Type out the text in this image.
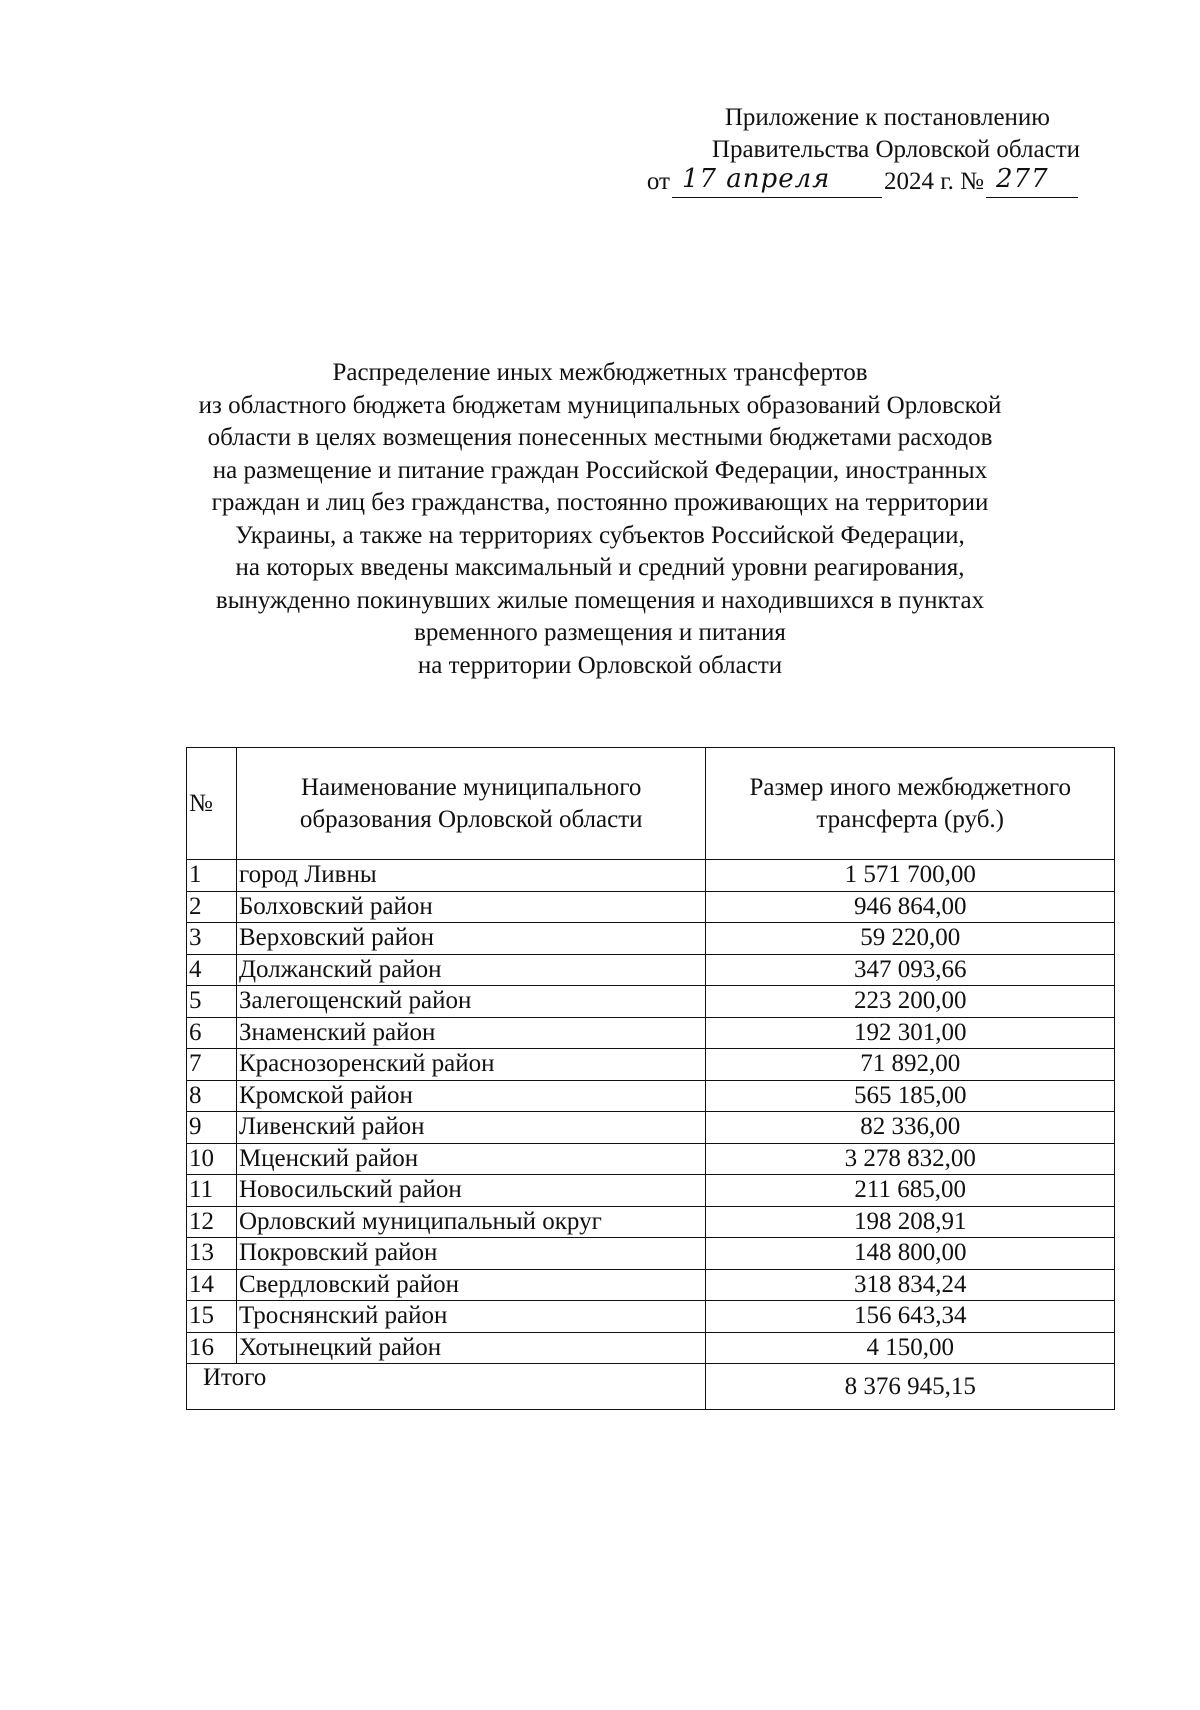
Приложение к постановлению
Правительства Орловской области
от 17 апреля 2024 г. № 277
Распределение иных межбюджетных трансфертов
из областного бюджета бюджетам муниципальных образований Орловской
области в целях возмещения понесенных местными бюджетами расходов
на размещение и питание граждан Российской Федерации, иностранных
граждан и лиц без гражданства, постоянно проживающих на территории
Украины, а также на территориях субъектов Российской Федерации,
на которых введены максимальный и средний уровни реагирования,
вынужденно покинувших жилые помещения и находившихся в пунктах
временного размещения и питания
на территории Орловской области
№	Наименование муниципального образования Орловской области	Размер иного межбюджетного трансферта (руб.)
1	город Ливны	1 571 700,00
2	Болховский район	946 864,00
3	Верховский район	59 220,00
4	Должанский район	347 093,66
5	Залегощенский район	223 200,00
6	Знаменский район	192 301,00
7	Краснозоренский район	71 892,00
8	Кромской район	565 185,00
9	Ливенский район	82 336,00
10	Мценский район	3 278 832,00
11	Новосильский район	211 685,00
12	Орловский муниципальный округ	198 208,91
13	Покровский район	148 800,00
14	Свердловский район	318 834,24
15	Троснянский район	156 643,34
16	Хотынецкий район	4 150,00
Итого		8 376 945,15
